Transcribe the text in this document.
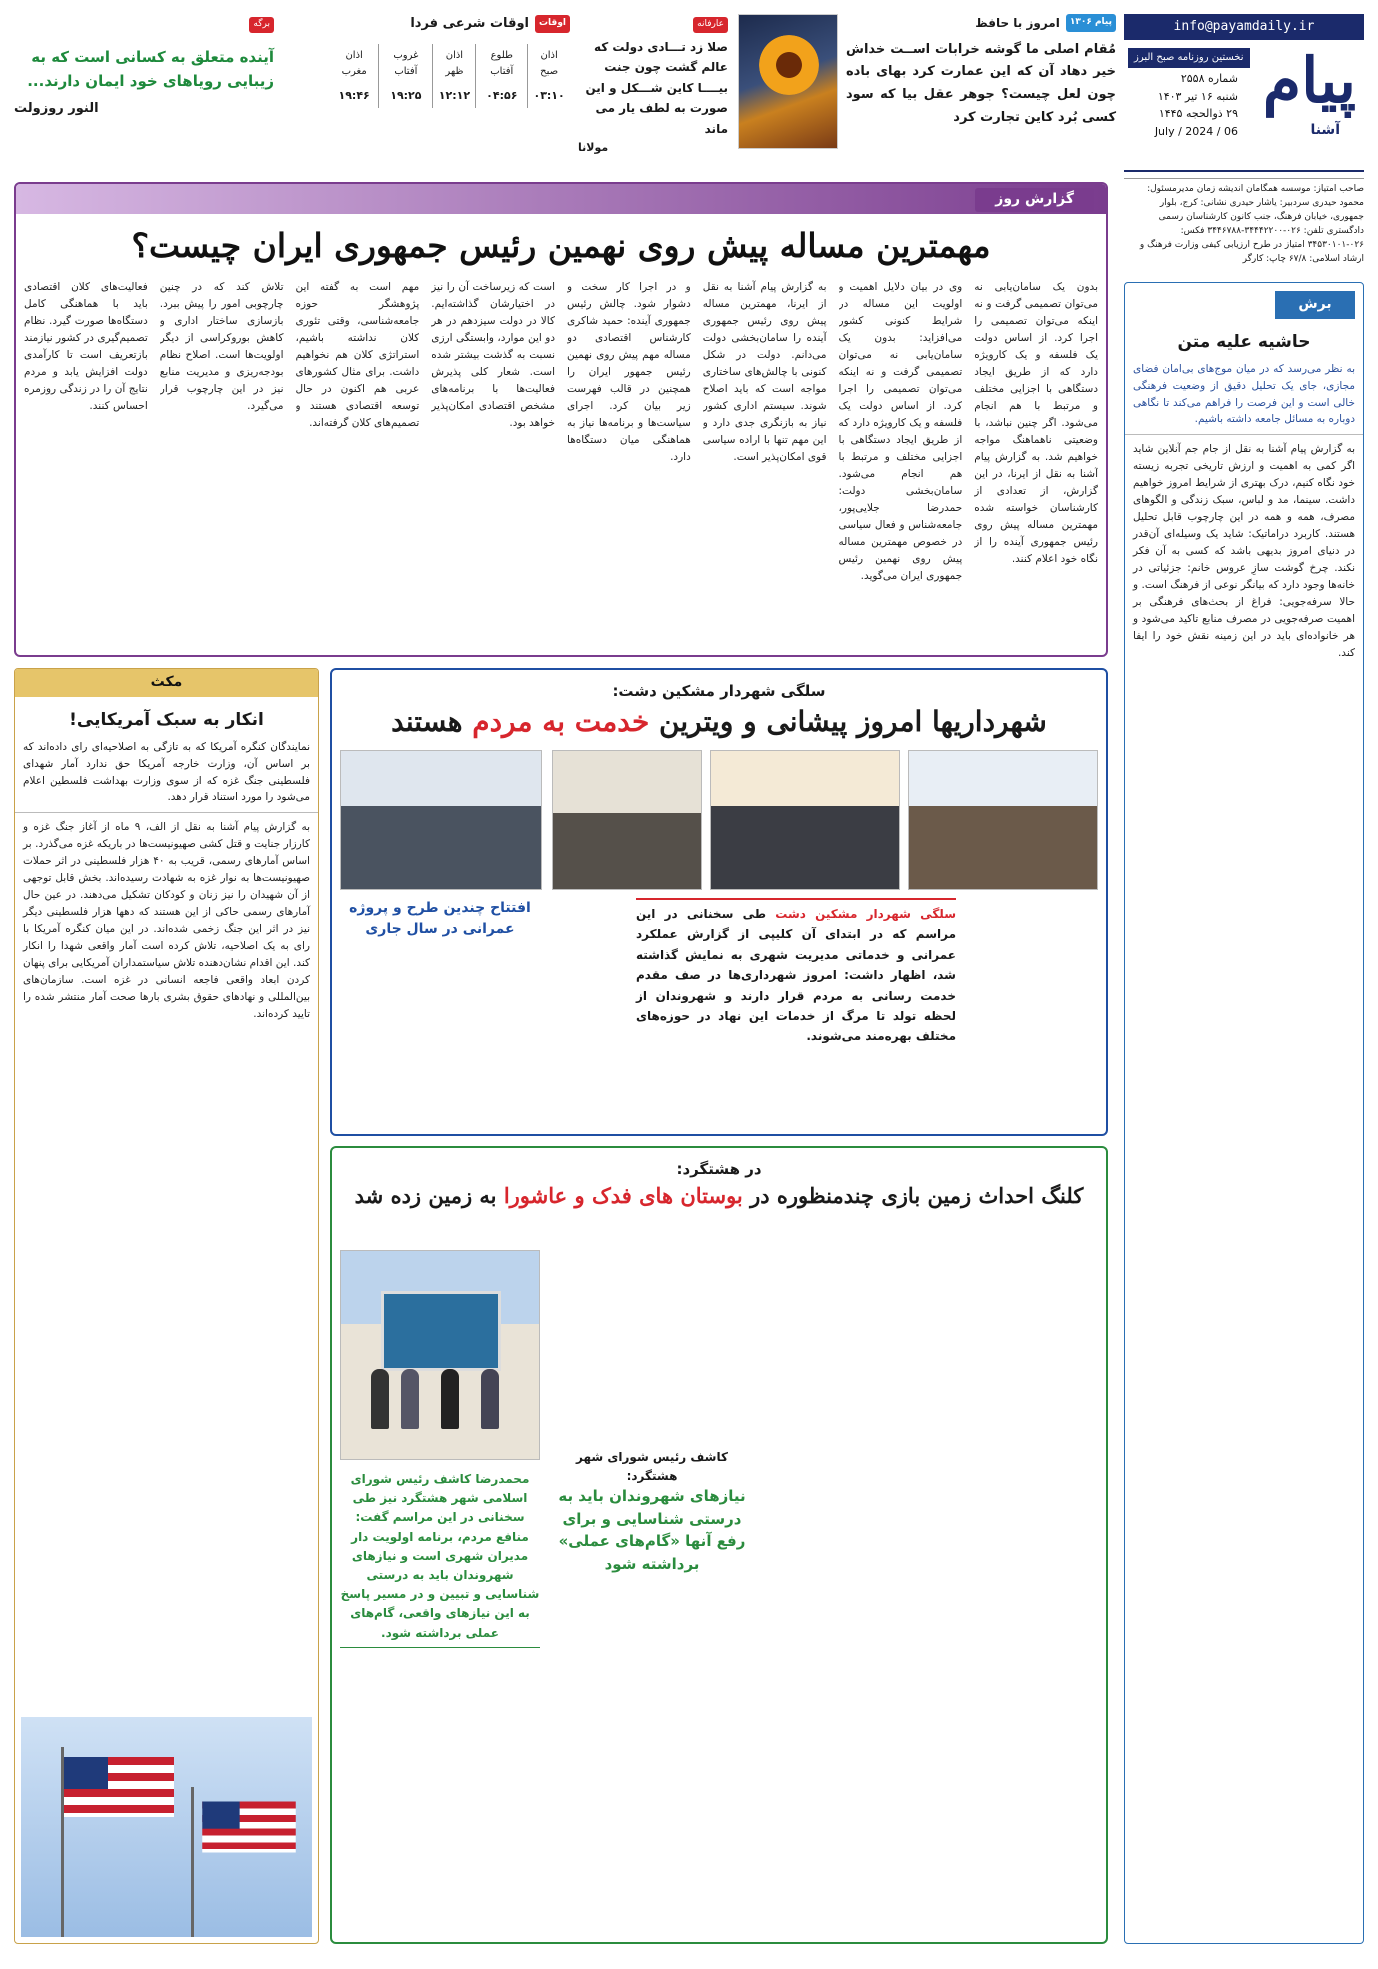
info@payamdaily.ir
پیام
آشنا
نخستین روزنامه صبح البرز
شماره ۲۵۵۸
شنبه ۱۶ تیر ۱۴۰۳
۲۹ ذوالحجه ۱۴۴۵
06 / July / 2024
صاحب امتیاز: موسسه همگامان اندیشه زمان مدیرمسئول: محمود حیدری سردبیر: یاشار حیدری نشانی: کرج، بلوار جمهوری، خیابان فرهنگ، جنب کانون کارشناسان رسمی دادگستری تلفن: ۰۲۶-۳۴۴۴۲۲۰۰-۳۴۴۶۷۸۸ فکس: ۰۲۶-۳۴۵۳۰۱۰۱ امتیاز در طرح ارزیابی کیفی وزارت فرهنگ و ارشاد اسلامی: ۶۷/۸ چاپ: کارگر
پیام ۱۳۰۶
امروز با حافظ
مُقام اصلی ما گوشه خرابات اســت خداش خیر دهاد آن که این عمارت کرد بهای باده چون لعل چیست؟ جوهر عقل بیا که سود کسی بُرد کاین تجارت کرد
عارفانه
صلا زد تـــادی دولت که عالم گشت چون جنت بیــــا کاین شـــکل و این صورت به لطف یار می ماند
مولانا
اوقات
اوقات شرعی فردا
اذان صبح	طلوع آفتاب	اذان ظهر	غروب آفتاب	اذان مغرب
۰۳:۱۰	۰۴:۵۶	۱۲:۱۲	۱۹:۲۵	۱۹:۴۶
برگه
آینده متعلق به کسانی است که به زیبایی رویاهای خود ایمان دارند...
النور روزولت
گزارش روز
مهمترین مساله پیش روی نهمین رئیس جمهوری ایران چیست؟
بدون یک سامان‌یابی نه می‌توان تصمیمی گرفت و نه اینکه می‌توان تصمیمی را اجرا کرد. از اساس دولت یک فلسفه و یک کارویژه دارد که از طریق ایجاد دستگاهی با اجزایی مختلف و مرتبط با هم انجام می‌شود. اگر چنین نباشد، با وضعیتی ناهماهنگ مواجه خواهیم شد. به گزارش پیام آشنا به نقل از ایرنا، در این گزارش، از تعدادی از کارشناسان خواسته شده مهمترین مساله پیش روی رئیس جمهوری آینده را از نگاه خود اعلام کنند.
وی در بیان دلایل اهمیت و اولویت این مساله در شرایط کنونی کشور می‌افزاید: بدون یک سامان‌یابی نه می‌توان تصمیمی گرفت و نه اینکه می‌توان تصمیمی را اجرا کرد. از اساس دولت یک فلسفه و یک کارویژه دارد که از طریق ایجاد دستگاهی با اجزایی مختلف و مرتبط با هم انجام می‌شود. سامان‌بخشی دولت: حمدرضا جلایی‌پور، جامعه‌شناس و فعال سیاسی در خصوص مهمترین مساله پیش روی نهمین رئیس جمهوری ایران می‌گوید.
به گزارش پیام آشنا به نقل از ایرنا، مهمترین مساله پیش روی رئیس جمهوری آینده را سامان‌بخشی دولت می‌دانم. دولت در شکل کنونی با چالش‌های ساختاری مواجه است که باید اصلاح شوند. سیستم اداری کشور نیاز به بازنگری جدی دارد و این مهم تنها با اراده سیاسی قوی امکان‌پذیر است.
و در اجرا کار سخت و دشوار شود. چالش رئیس جمهوری آینده: حمید شاکری کارشناس اقتصادی دو مساله مهم پیش روی نهمین رئیس جمهور ایران را همچنین در قالب فهرست زیر بیان کرد. اجرای سیاست‌ها و برنامه‌ها نیاز به هماهنگی میان دستگاه‌ها دارد.
است که زیرساخت آن را نیز در اختیارشان گذاشته‌ایم. کالا در دولت سیزدهم در هر دو این موارد، وابستگی ارزی نسبت به گذشت بیشتر شده است. شعار کلی پذیرش فعالیت‌ها با برنامه‌های مشخص اقتصادی امکان‌پذیر خواهد بود.
مهم است به گفته این پژوهشگر حوزه جامعه‌شناسی، وقتی تئوری کلان نداشته باشیم، استراتژی کلان هم نخواهیم داشت. برای مثال کشورهای عربی هم اکنون در حال توسعه اقتصادی هستند و تصمیم‌های کلان گرفته‌اند.
تلاش کند که در چنین چارچوبی امور را پیش ببرد. بازسازی ساختار اداری و کاهش بوروکراسی از دیگر اولویت‌ها است. اصلاح نظام بودجه‌ریزی و مدیریت منابع نیز در این چارچوب قرار می‌گیرد.
فعالیت‌های کلان اقتصادی باید با هماهنگی کامل دستگاه‌ها صورت گیرد. نظام تصمیم‌گیری در کشور نیازمند بازتعریف است تا کارآمدی دولت افزایش یابد و مردم نتایج آن را در زندگی روزمره احساس کنند.
برش
حاشیه علیه متن
به نظر می‌رسد که در میان موج‌های بی‌امان فضای مجازی، جای یک تحلیل دقیق از وضعیت فرهنگی خالی است و این فرصت را فراهم می‌کند تا نگاهی دوباره به مسائل جامعه داشته باشیم.
به گزارش پیام آشنا به نقل از جام جم آنلاین شاید اگر کمی به اهمیت و ارزش تاریخی تجربه زیسته خود نگاه کنیم، درک بهتری از شرایط امروز خواهیم داشت. سینما، مد و لباس، سبک زندگی و الگوهای مصرف، همه و همه در این چارچوب قابل تحلیل هستند. کاربرد دراماتیک: شاید یک وسیله‌ای آن‌قدر در دنیای امروز بدیهی باشد که کسی به آن فکر نکند. چرخ گوشت سازِ عروس خانم: جزئیاتی در خانه‌ها وجود دارد که بیانگر نوعی از فرهنگ است. و حالا سرفه‌جویی: فراغ از بحث‌های فرهنگی بر اهمیت صرفه‌جویی در مصرف منابع تاکید می‌شود و هر خانواده‌ای باید در این زمینه نقش خود را ایفا کند.
مکث
انکار به سبک آمریکایی!
نمایندگان کنگره آمریکا که به تازگی به اصلاحیه‌ای رای داده‌اند که بر اساس آن، وزارت خارجه آمریکا حق ندارد آمار شهدای فلسطینی جنگ غزه که از سوی وزارت بهداشت فلسطین اعلام می‌شود را مورد استناد قرار دهد.
به گزارش پیام آشنا به نقل از الف، ۹ ماه از آغاز جنگ غزه و کارزار جنایت و قتل کشی صهیونیست‌ها در باریکه غزه می‌گذرد. بر اساس آمارهای رسمی، قریب به ۴۰ هزار فلسطینی در اثر حملات صهیونیست‌ها به نوار غزه به شهادت رسیده‌اند. بخش قابل توجهی از آن شهیدان را نیز زنان و کودکان تشکیل می‌دهند. در عین حال آمارهای رسمی حاکی از این هستند که دهها هزار فلسطینی دیگر نیز در اثر این جنگ زخمی شده‌اند. در این میان کنگره آمریکا با رای به یک اصلاحیه، تلاش کرده است آمار واقعی شهدا را انکار کند. این اقدام نشان‌دهنده تلاش سیاستمداران آمریکایی برای پنهان کردن ابعاد واقعی فاجعه انسانی در غزه است. سازمان‌های بین‌المللی و نهادهای حقوق بشری بارها صحت آمار منتشر شده را تایید کرده‌اند.
سلگی شهردار مشکین دشت:
شهرداریها امروز پیشانی و ویترین خدمت به مردم هستند
افتتاح چندین طرح و پروژه عمرانی در سال جاری
سلگی شهردار مشکین دشت طی سخنانی در این مراسم که در ابتدای آن کلیپی از گزارش عملکرد عمرانی و خدماتی مدیریت شهری به نمایش گذاشته شد، اظهار داشت: امروز شهرداری‌ها در صف مقدم خدمت رسانی به مردم قرار دارند و شهروندان از لحظه تولد تا مرگ از خدمات این نهاد در حوزه‌های مختلف بهره‌مند می‌شوند.
در هشتگرد:
کلنگ احداث زمین بازی چندمنظوره در بوستان های فدک و عاشورا به زمین زده شد
محمدرضا کاشف رئیس شورای اسلامی شهر هشتگرد نیز طی سخنانی در این مراسم گفت: منافع مردم، برنامه اولویت دار مدیران شهری است و نیازهای شهروندان باید به درستی شناسایی و تبیین و در مسیر پاسخ به این نیازهای واقعی، گام‌های عملی برداشته شود.
کاشف رئیس شورای شهر هشتگرد:
نیازهای شهروندان باید به درستی شناسایی و برای رفع آنها «گام‌های عملی» برداشته شود
